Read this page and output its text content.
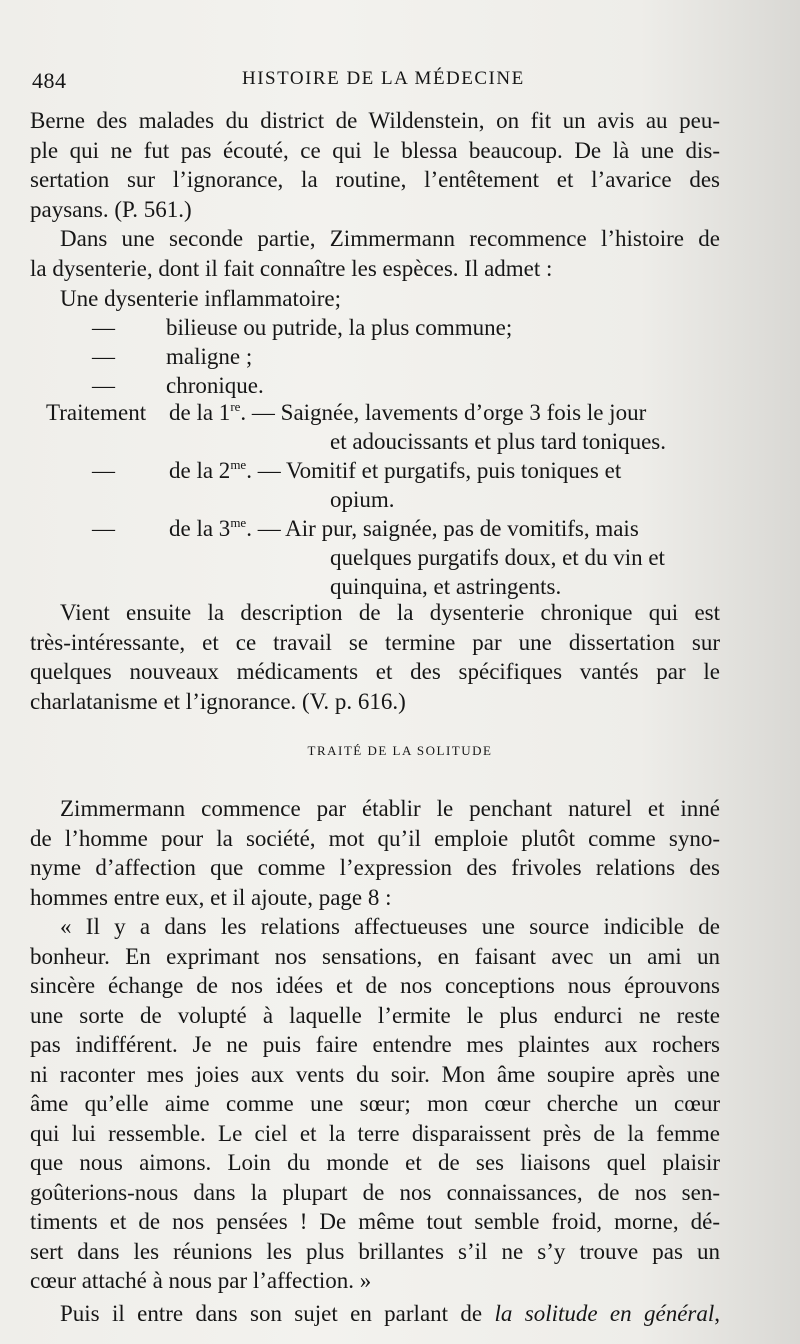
484	HISTOIRE DE LA MÉDECINE
Berne des malades du district de Wildenstein, on fit un avis au peu-
ple qui ne fut pas écouté, ce qui le blessa beaucoup. De là une dis-
sertation sur l’ignorance, la routine, l’entêtement et l’avarice des
paysans. (P. 561.)
Dans une seconde partie, Zimmermann recommence l’histoire de
la dysenterie, dont il fait connaître les espèces. Il admet :
Une dysenterie inflammatoire;
— bilieuse ou putride, la plus commune;
— maligne ;
— chronique.
Traitement de la 1re. — Saignée, lavements d’orge 3 fois le jour
et adoucissants et plus tard toniques.
— de la $2^{me}$. — Vomitif et purgatifs, puis toniques et
opium.
— de la $3^{me}$. — Air pur, saignée, pas de vomitifs, mais
quelques purgatifs doux, et du vin et
quinquina, et astringents.
Vient ensuite la description de la dysenterie chronique qui est
très-intéressante, et ce travail se termine par une dissertation sur
quelques nouveaux médicaments et des spécifiques vantés par le
charlatanisme et l’ignorance. (V. p. 616.)
TRAITÉ DE LA SOLITUDE
Zimmermann commence par établir le penchant naturel et inné
de l’homme pour la société, mot qu’il emploie plutôt comme syno-
nyme d’affection que comme l’expression des frivoles relations des
hommes entre eux, et il ajoute, page 8 :
« Il y a dans les relations affectueuses une source indicible de
bonheur. En exprimant nos sensations, en faisant avec un ami un
sincère échange de nos idées et de nos conceptions nous éprouvons
une sorte de volupté à laquelle l’ermite le plus endurci ne reste
pas indifférent. Je ne puis faire entendre mes plaintes aux rochers
ni raconter mes joies aux vents du soir. Mon âme soupire après une
âme qu’elle aime comme une sœur; mon cœur cherche un cœur
qui lui ressemble. Le ciel et la terre disparaissent près de la femme
que nous aimons. Loin du monde et de ses liaisons quel plaisir
goûterions-nous dans la plupart de nos connaissances, de nos sen-
timents et de nos pensées ! De même tout semble froid, morne, dé-
sert dans les réunions les plus brillantes s’il ne s’y trouve pas un
cœur attaché à nous par l’affection. »
Puis il entre dans son sujet en parlant de la solitude en général,
